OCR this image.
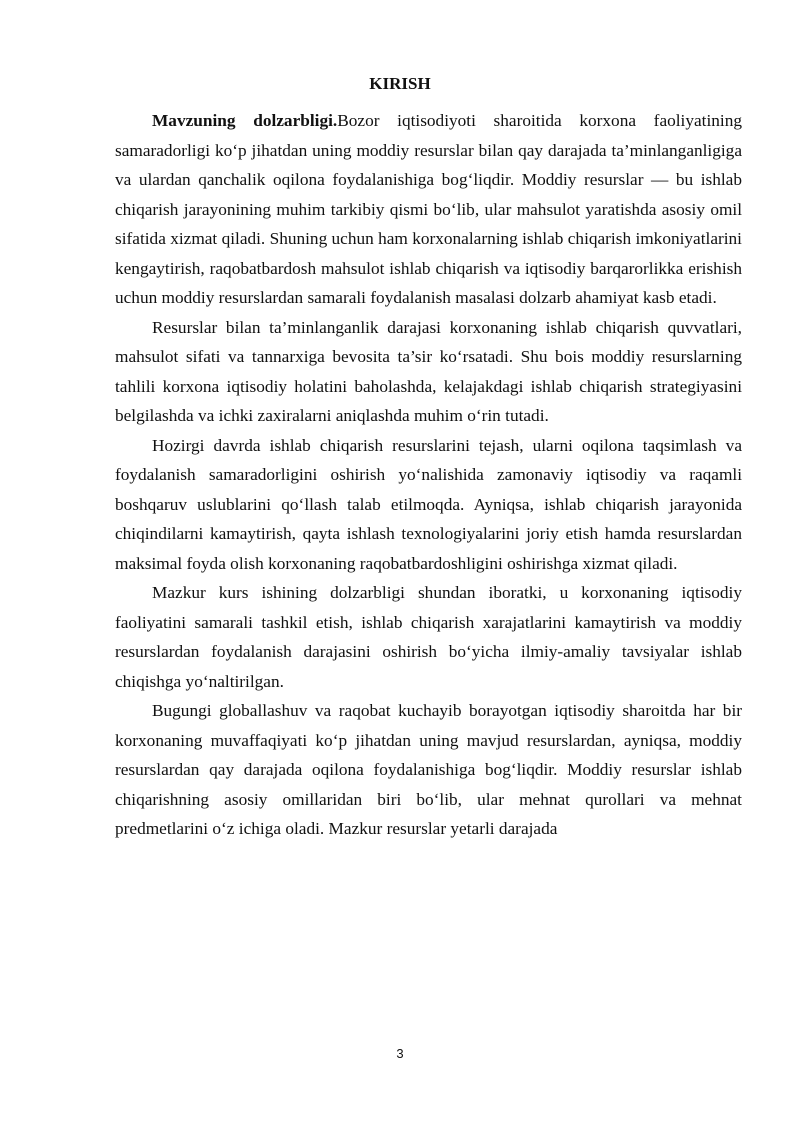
KIRISH

Mavzuning dolzarbligi.Bozor iqtisodiyoti sharoitida korxona faoliyatining samaradorligi ko‘p jihatdan uning moddiy resurslar bilan qay darajada ta’minlanganligiga va ulardan qanchalik oqilona foydalanishiga bog‘liqdir. Moddiy resurslar — bu ishlab chiqarish jarayonining muhim tarkibiy qismi bo‘lib, ular mahsulot yaratishda asosiy omil sifatida xizmat qiladi. Shuning uchun ham korxonalarning ishlab chiqarish imkoniyatlarini kengaytirish, raqobatbardosh mahsulot ishlab chiqarish va iqtisodiy barqarorlikka erishish uchun moddiy resurslardan samarali foydalanish masalasi dolzarb ahamiyat kasb etadi.

Resurslar bilan ta’minlanganlik darajasi korxonaning ishlab chiqarish quvvatlari, mahsulot sifati va tannarxiga bevosita ta’sir ko‘rsatadi. Shu bois moddiy resurslarning tahlili korxona iqtisodiy holatini baholashda, kelajakdagi ishlab chiqarish strategiyasini belgilashda va ichki zaxiralarni aniqlashda muhim o‘rin tutadi.

Hozirgi davrda ishlab chiqarish resurslarini tejash, ularni oqilona taqsimlash va foydalanish samaradorligini oshirish yo‘nalishida zamonaviy iqtisodiy va raqamli boshqaruv uslublarini qo‘llash talab etilmoqda. Ayniqsa, ishlab chiqarish jarayonida chiqindilarni kamaytirish, qayta ishlash texnologiyalarini joriy etish hamda resurslardan maksimal foyda olish korxonaning raqobatbardoshligini oshirishga xizmat qiladi.

Mazkur kurs ishining dolzarbligi shundan iboratki, u korxonaning iqtisodiy faoliyatini samarali tashkil etish, ishlab chiqarish xarajatlarini kamaytirish va moddiy resurslardan foydalanish darajasini oshirish bo‘yicha ilmiy-amaliy tavsiyalar ishlab chiqishga yo‘naltirilgan.

Bugungi globallashuv va raqobat kuchayib borayotgan iqtisodiy sharoitda har bir korxonaning muvaffaqiyati ko‘p jihatdan uning mavjud resurslardan, ayniqsa, moddiy resurslardan qay darajada oqilona foydalanishiga bog‘liqdir. Moddiy resurslar ishlab chiqarishning asosiy omillaridan biri bo‘lib, ular mehnat qurollari va mehnat predmetlarini o‘z ichiga oladi. Mazkur resurslar yetarli darajada

3
